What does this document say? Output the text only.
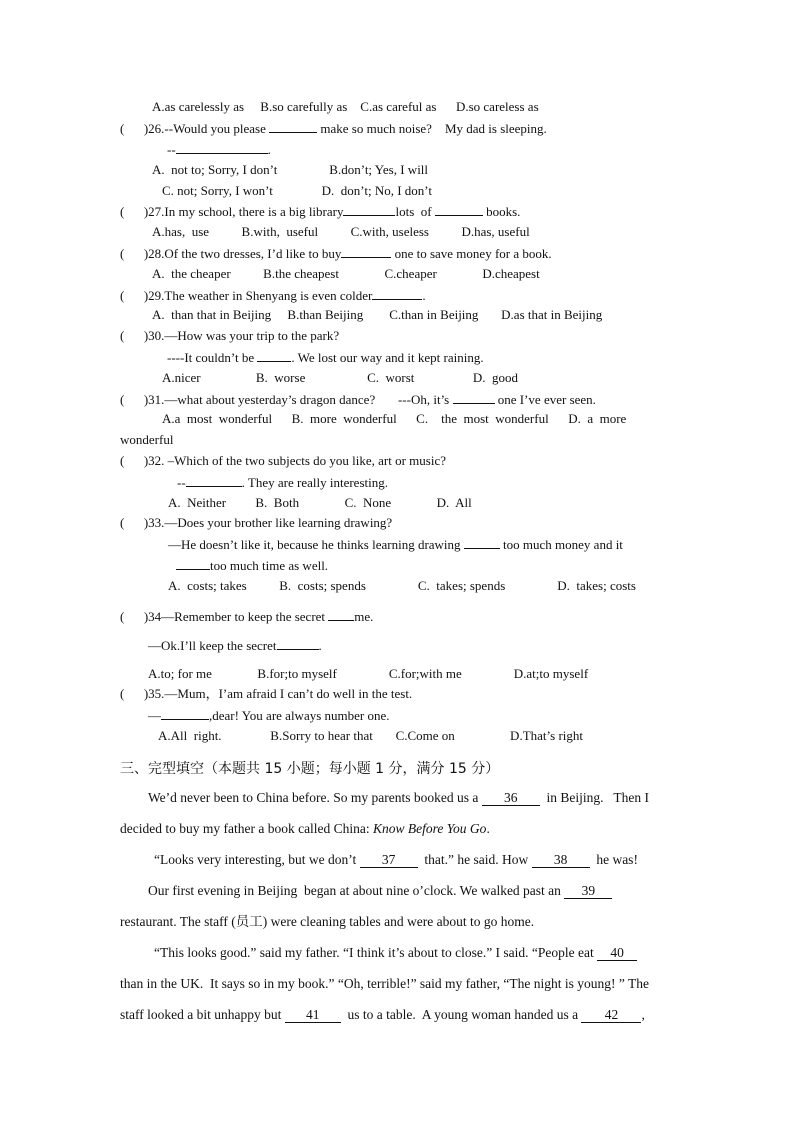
A.as carelessly as     B.so carefully as    C.as careful as      D.so careless as
(      )26.--Would you please	make so much noise?    My dad is sleeping.
--	.
A.  not to; Sorry, I don’t                B.don’t; Yes, I will
C. not; Sorry, I won’t               D.  don’t; No, I don’t
(      )27.In my school, there is a big library	lots  of	books.
A.has,  use          B.with,  useful          C.with, useless          D.has, useful
(      )28.Of the two dresses, I’d like to buy	one to save money for a book.
A.  the cheaper          B.the cheapest              C.cheaper              D.cheapest
(      )29.The weather in Shenyang is even colder	.
A.  than that in Beijing     B.than Beijing        C.than in Beijing       D.as that in Beijing
(      )30.—How was your trip to the park?
----It couldn’t be	. We lost our way and it kept raining.
A.nicer                 B.  worse                   C.  worst                  D.  good
(      )31.—what about yesterday’s dragon dance?       ---Oh, it’s	one I’ve ever seen.
A.a  most  wonderful      B.  more  wonderful      C.    the  most  wonderful      D.  a  more
wonderful
(      )32. –Which of the two subjects do you like, art or music?
--	. They are really interesting.
A.  Neither         B.  Both              C.  None              D.  All
(      )33.—Does your brother like learning drawing?
—He doesn’t like it, because he thinks learning drawing	too much money and it
too much time as well.
A.  costs; takes          B.  costs; spends                C.  takes; spends                D.  takes; costs
(      )34—Remember to keep the secret me.
—Ok.I’ll keep the secret	.
A.to; for me              B.for;to myself                C.for;with me                D.at;to myself
(      )35.—Mum，I’am afraid I can’t do well in the test.
—	,dear! You are always number one.
A.All  right.               B.Sorry to hear that       C.Come on                 D.That’s right
三、完型填空（本题共 15 小题；每小题 1 分，满分 15 分）
We’d never been to China before. So my parents booked us a 36  in Beijing.   Then I
decided to buy my father a book called China: Know Before You Go.
“Looks very interesting, but we don’t 37  that.” he said. How 38  he was!
Our first evening in Beijing  began at about nine o’clock. We walked past an 39
restaurant. The staff (员工) were cleaning tables and were about to go home.
“This looks good.” said my father. “I think it’s about to close.” I said. “People eat 40
than in the UK.  It says so in my book.” “Oh, terrible!” said my father, “The night is young! ” The
staff looked a bit unhappy but 41  us to a table.  A young woman handed us a 42 ,
